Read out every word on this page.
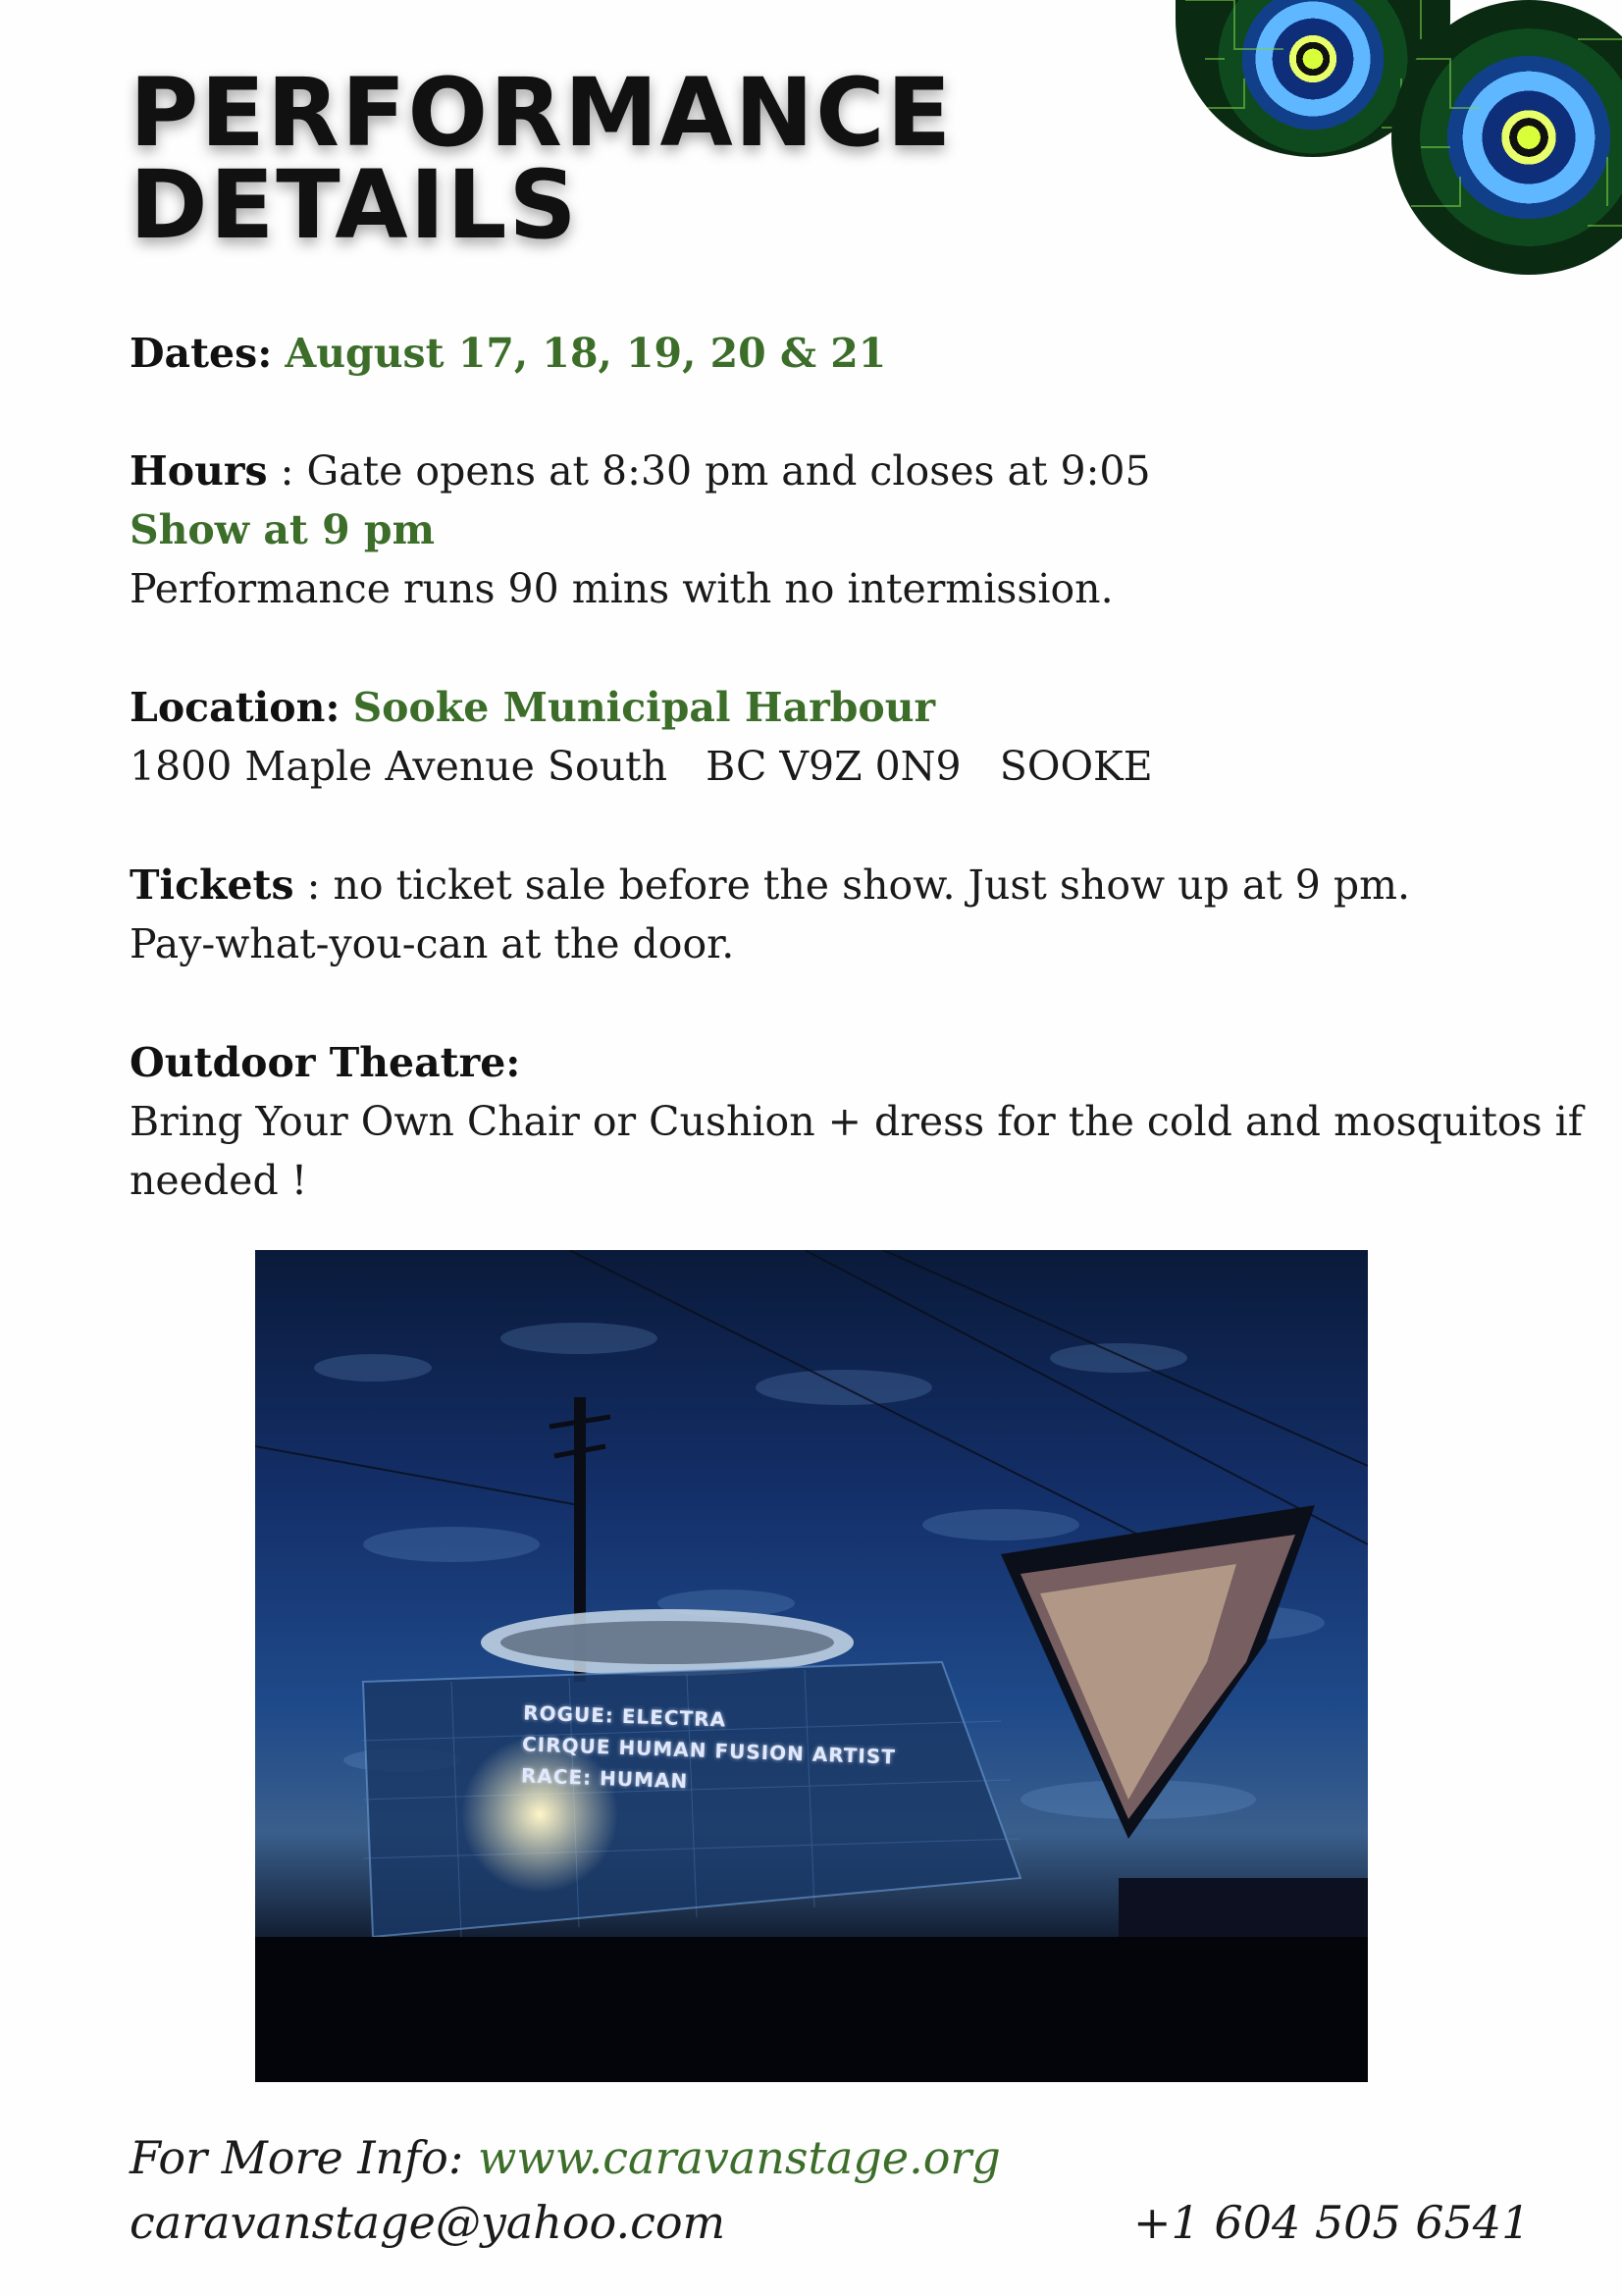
PERFORMANCE
DETAILS

Dates: August 17, 18, 19, 20 & 21

Hours : Gate opens at 8:30 pm and closes at 9:05

Show at 9 pm

Performance runs 90 mins with no intermission.

Location: Sooke Municipal Harbour

1800 Maple Avenue South   BC V9Z 0N9   SOOKE

Tickets : no ticket sale before the show. Just show up at 9 pm.

Pay-what-you-can at the door.

Outdoor Theatre:

Bring Your Own Chair or Cushion + dress for the cold and mosquitos if

needed !

ROGUE: ELECTRA
CIRQUE HUMAN FUSION ARTIST
RACE: HUMAN

For More Info: www.caravanstage.org

caravanstage@yahoo.com	+1 604 505 6541
